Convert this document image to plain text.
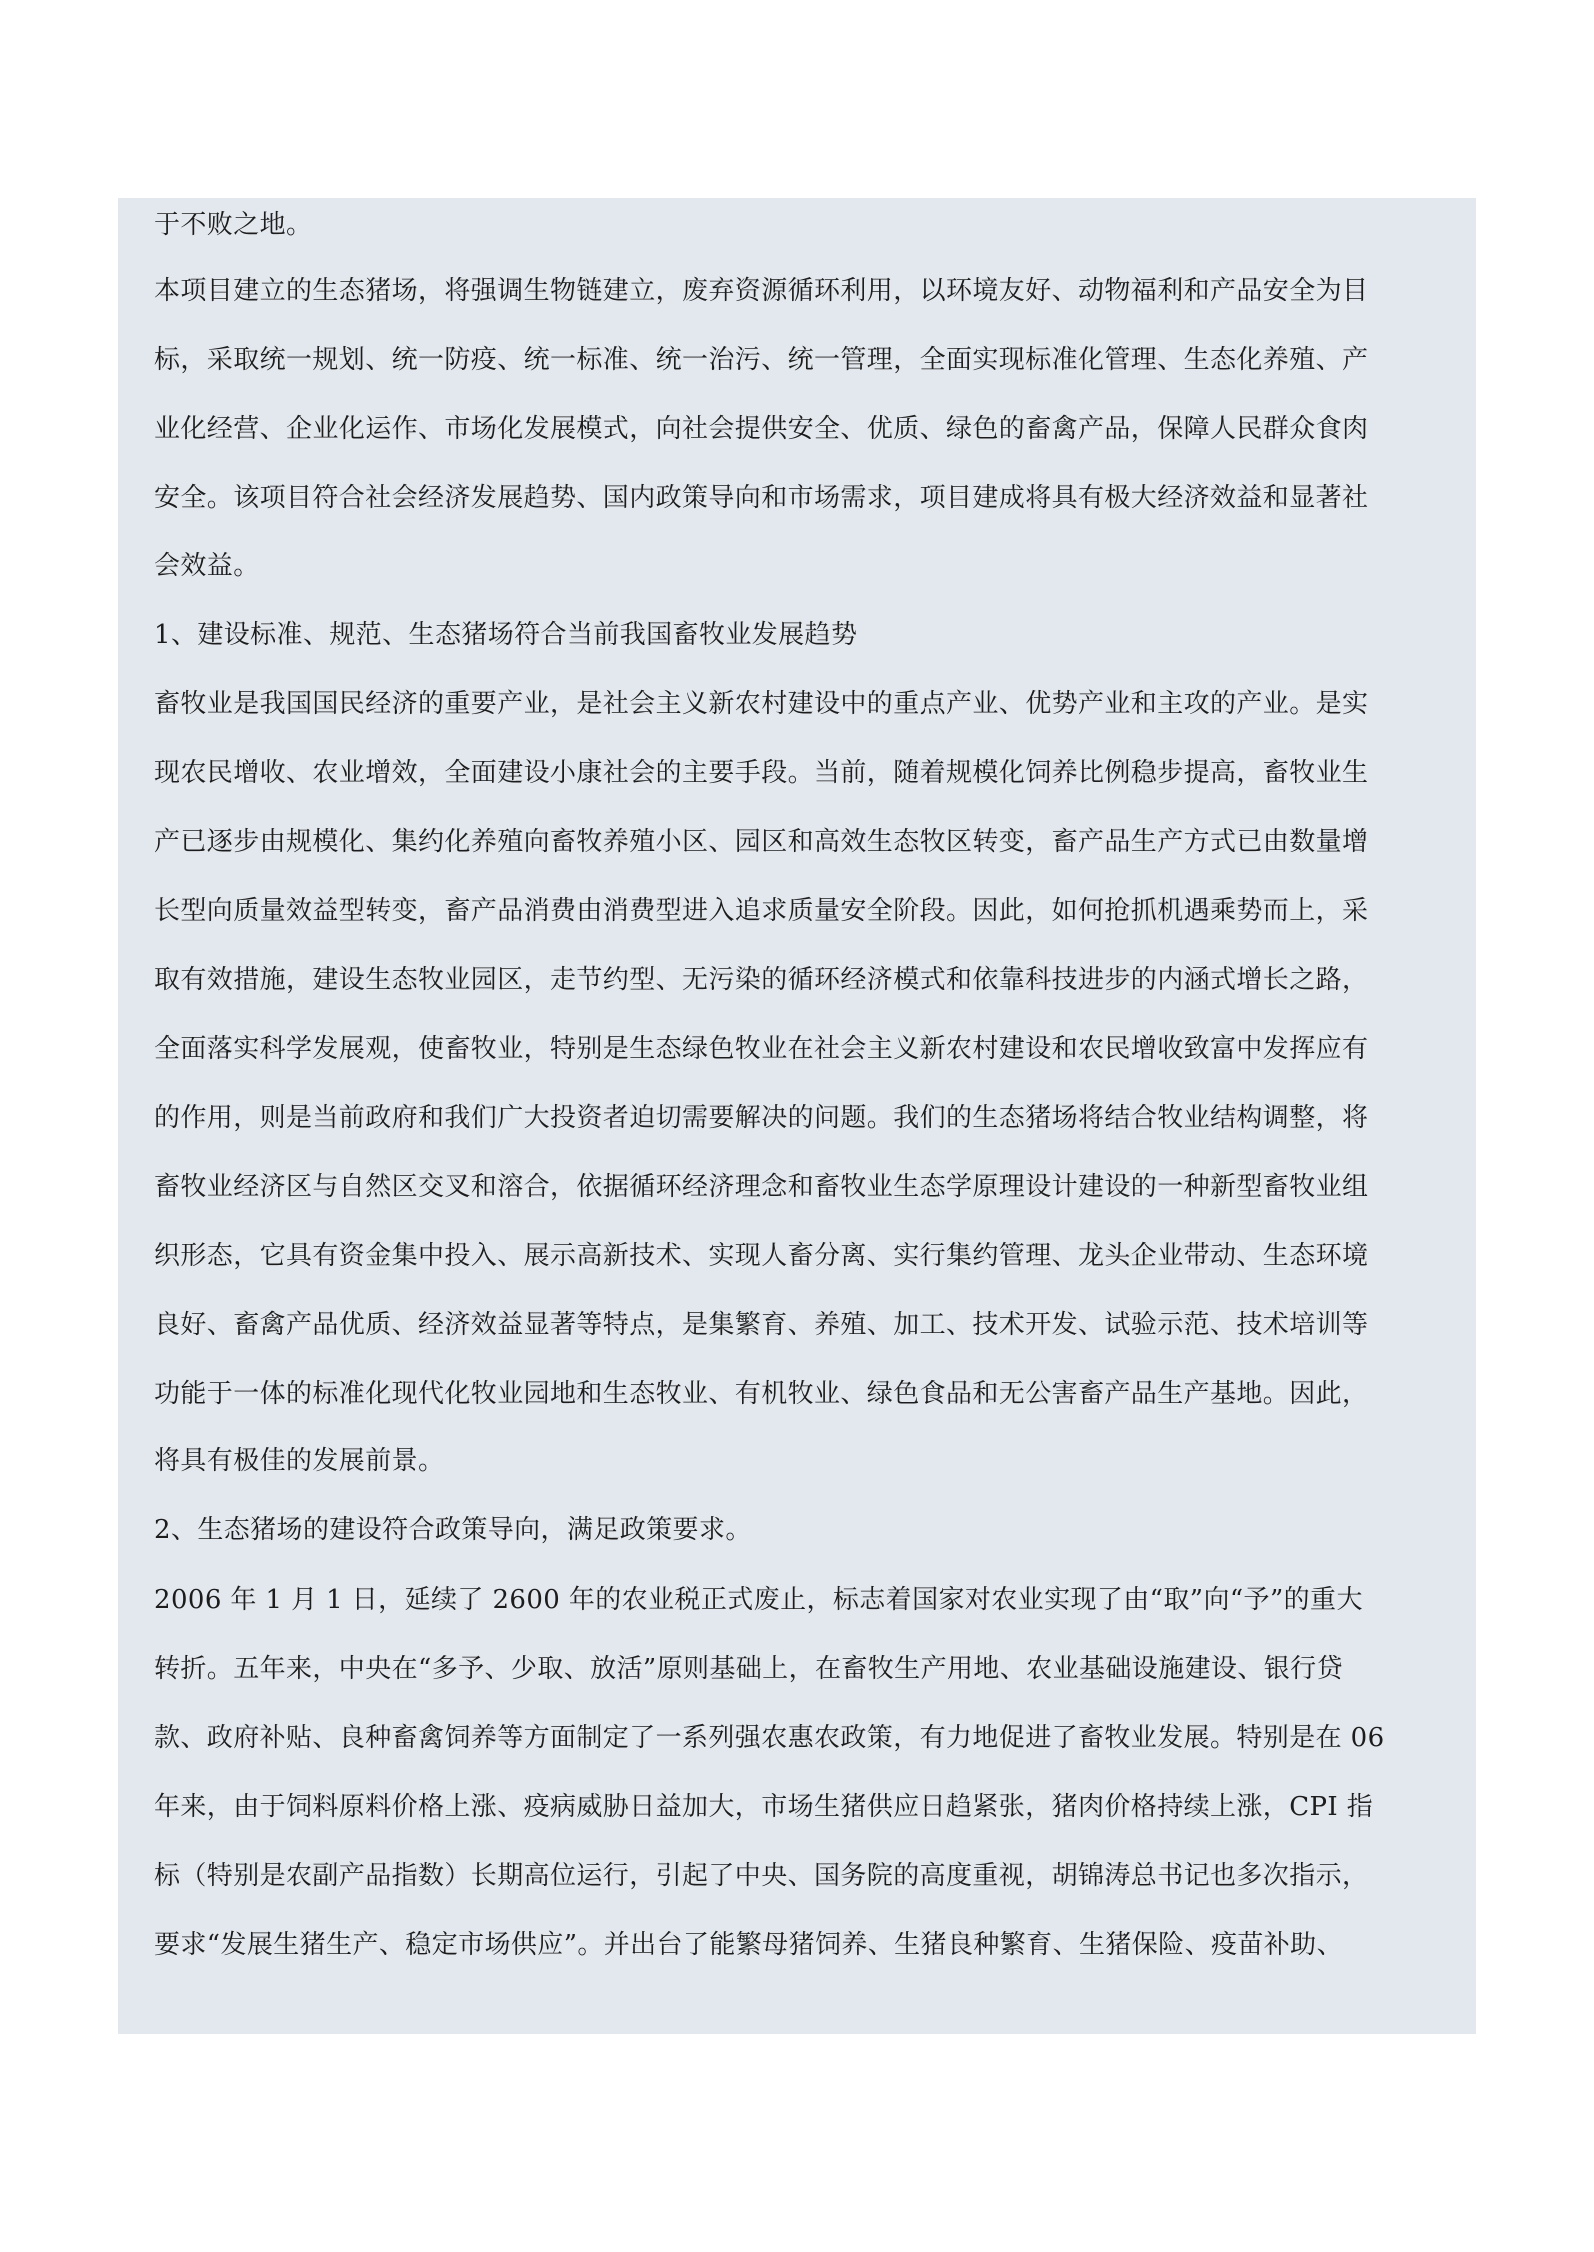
于不败之地。
本项目建立的生态猪场，将强调生物链建立，废弃资源循环利用，以环境友好、动物福利和产品安全为目
标，采取统一规划、统一防疫、统一标准、统一治污、统一管理，全面实现标准化管理、生态化养殖、产
业化经营、企业化运作、市场化发展模式，向社会提供安全、优质、绿色的畜禽产品，保障人民群众食肉
安全。该项目符合社会经济发展趋势、国内政策导向和市场需求，项目建成将具有极大经济效益和显著社
会效益。
1、建设标准、规范、生态猪场符合当前我国畜牧业发展趋势
畜牧业是我国国民经济的重要产业，是社会主义新农村建设中的重点产业、优势产业和主攻的产业。是实
现农民增收、农业增效，全面建设小康社会的主要手段。当前，随着规模化饲养比例稳步提高，畜牧业生
产已逐步由规模化、集约化养殖向畜牧养殖小区、园区和高效生态牧区转变，畜产品生产方式已由数量增
长型向质量效益型转变，畜产品消费由消费型进入追求质量安全阶段。因此，如何抢抓机遇乘势而上，采
取有效措施，建设生态牧业园区，走节约型、无污染的循环经济模式和依靠科技进步的内涵式增长之路，
全面落实科学发展观，使畜牧业，特别是生态绿色牧业在社会主义新农村建设和农民增收致富中发挥应有
的作用，则是当前政府和我们广大投资者迫切需要解决的问题。我们的生态猪场将结合牧业结构调整，将
畜牧业经济区与自然区交叉和溶合，依据循环经济理念和畜牧业生态学原理设计建设的一种新型畜牧业组
织形态，它具有资金集中投入、展示高新技术、实现人畜分离、实行集约管理、龙头企业带动、生态环境
良好、畜禽产品优质、经济效益显著等特点，是集繁育、养殖、加工、技术开发、试验示范、技术培训等
功能于一体的标准化现代化牧业园地和生态牧业、有机牧业、绿色食品和无公害畜产品生产基地。因此，
将具有极佳的发展前景。
2、生态猪场的建设符合政策导向，满足政策要求。
2006 年 1 月 1 日，延续了 2600 年的农业税正式废止，标志着国家对农业实现了由“取”向“予”的重大
转折。五年来，中央在“多予、少取、放活”原则基础上，在畜牧生产用地、农业基础设施建设、银行贷
款、政府补贴、良种畜禽饲养等方面制定了一系列强农惠农政策，有力地促进了畜牧业发展。特别是在 06
年来，由于饲料原料价格上涨、疫病威胁日益加大，市场生猪供应日趋紧张，猪肉价格持续上涨，CPI 指
标（特别是农副产品指数）长期高位运行，引起了中央、国务院的高度重视，胡锦涛总书记也多次指示，
要求“发展生猪生产、稳定市场供应”。并出台了能繁母猪饲养、生猪良种繁育、生猪保险、疫苗补助、
